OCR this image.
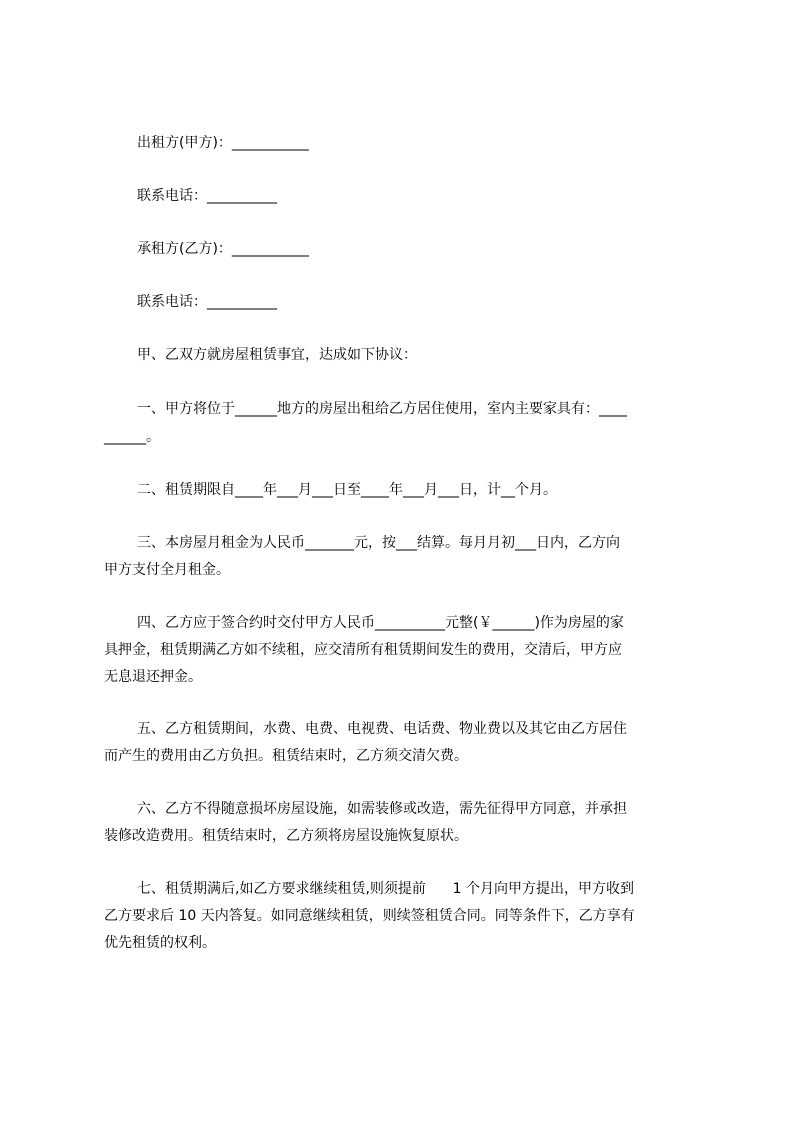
出租方(甲方)：___________
联系电话：__________
承租方(乙方)：___________
联系电话：__________
甲、乙双方就房屋租赁事宜，达成如下协议：
一、甲方将位于______地方的房屋出租给乙方居住使用，室内主要家具有：____
______。
二、租赁期限自____年___月___日至____年___月___日，计__个月。
三、本房屋月租金为人民币_______元，按___结算。每月月初___日内，乙方向
甲方支付全月租金。
四、乙方应于签合约时交付甲方人民币__________元整(￥______)作为房屋的家
具押金，租赁期满乙方如不续租，应交清所有租赁期间发生的费用，交清后，甲方应
无息退还押金。
五、乙方租赁期间，水费、电费、电视费、电话费、物业费以及其它由乙方居住
而产生的费用由乙方负担。租赁结束时，乙方须交清欠费。
六、乙方不得随意损坏房屋设施，如需装修或改造，需先征得甲方同意，并承担
装修改造费用。租赁结束时，乙方须将房屋设施恢复原状。
七、租赁期满后,如乙方要求继续租赁,则须提前      1 个月向甲方提出，甲方收到
乙方要求后 10 天内答复。如同意继续租赁，则续签租赁合同。同等条件下，乙方享有
优先租赁的权利。
